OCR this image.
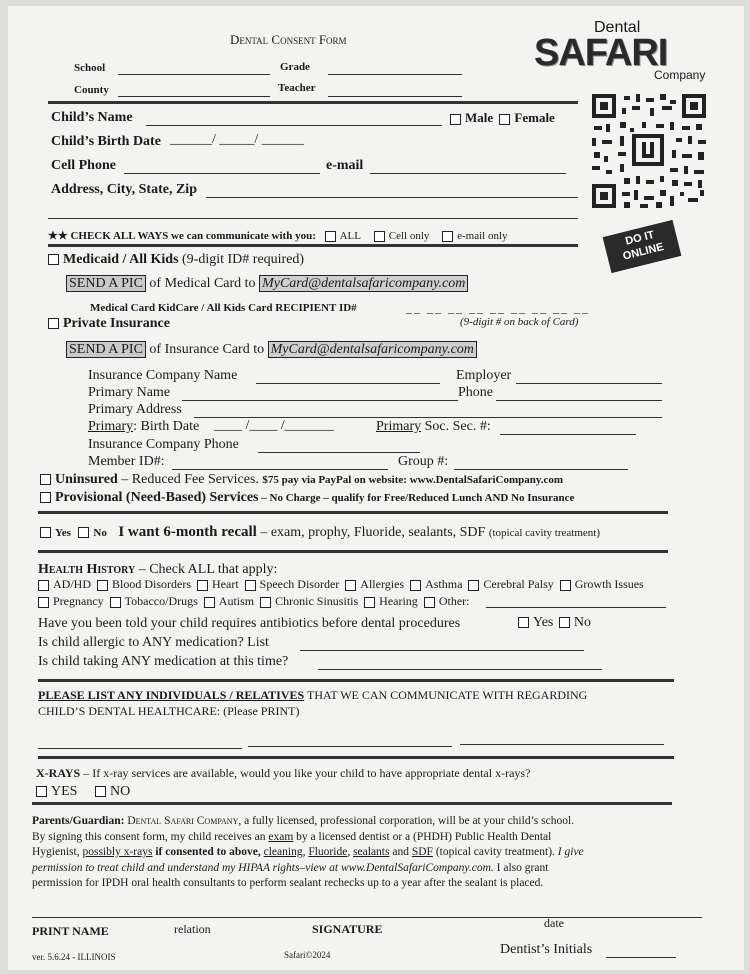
Dental Consent Form
Dental
SAFARI
Company
School	Grade
County	Teacher
Child’s Name	Male Female
Child’s Birth Date ______/ _____/ ______
Cell Phone	e-mail
Address, City, State, Zip
★★ CHECK ALL WAYS we can communicate with you: ALL	Cell only	e-mail only	DO IT ONLINE
Medicaid / All Kids (9-digit ID# required)
SEND A PIC of Medical Card to MyCard@dentalsafaricompany.com
Medical Card KidCare / All Kids Card RECIPIENT ID#	__ __ __ __ __ __ __ __ __
(9-digit # on back of Card)
Private Insurance
SEND A PIC of Insurance Card to MyCard@dentalsafaricompany.com
Insurance Company Name	Employer
Primary Name	Phone
Primary Address
Primary: Birth Date ____ /____ /_______	Primary Soc. Sec. #:
Insurance Company Phone
Member ID#:	Group #:
Uninsured – Reduced Fee Services. $75 pay via PayPal on website: www.DentalSafariCompany.com
Provisional (Need-Based) Services – No Charge – qualify for Free/Reduced Lunch AND No Insurance
Yes No I want 6-month recall – exam, prophy, Fluoride, sealants, SDF (topical cavity treatment)
Health History – Check ALL that apply:
AD/HD Blood Disorders Heart Speech Disorder Allergies Asthma Cerebral Palsy Growth Issues
Pregnancy Tobacco/Drugs Autism Chronic Sinusitis Hearing Other:
Have you been told your child requires antibiotics before dental procedures	Yes No
Is child allergic to ANY medication? List
Is child taking ANY medication at this time?
PLEASE LIST ANY INDIVIDUALS / RELATIVES THAT WE CAN COMMUNICATE WITH REGARDING
CHILD’S DENTAL HEALTHCARE: (Please PRINT)
X-RAYS – If x-ray services are available, would you like your child to have appropriate dental x-rays?
YES NO
Parents/Guardian: Dental Safari Company, a fully licensed, professional corporation, will be at your child’s school.
By signing this consent form, my child receives an exam by a licensed dentist or a (PHDH) Public Health Dental
Hygienist, possibly x-rays if consented to above, cleaning, Fluoride, sealants and SDF (topical cavity treatment). I give
permission to treat child and understand my HIPAA rights–view at www.DentalSafariCompany.com. I also grant
permission for IPDH oral health consultants to perform sealant rechecks up to a year after the sealant is placed.
PRINT NAME	relation	SIGNATURE	date
Dentist’s Initials
ver. 5.6.24 - ILLINOIS	Safari©2024
